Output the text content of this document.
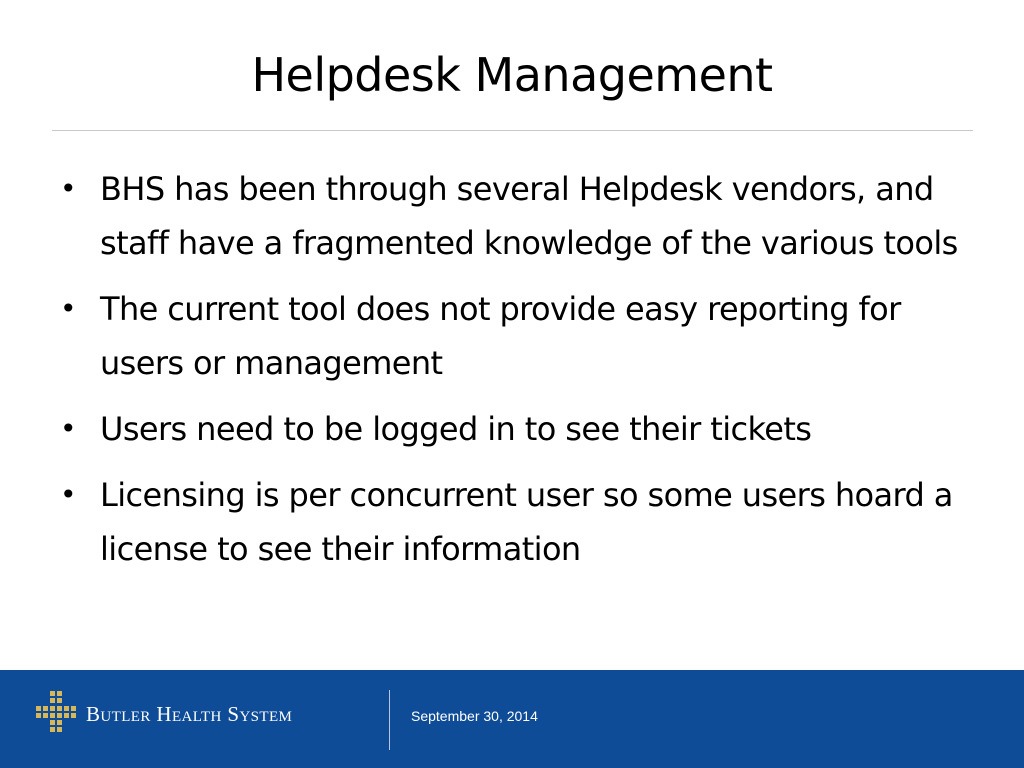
Helpdesk Management
• BHS has been through several Helpdesk vendors, and staff have a fragmented knowledge of the various tools
• The current tool does not provide easy reporting for users or management
• Users need to be logged in to see their tickets
• Licensing is per concurrent user so some users hoard a license to see their information
Butler Health System	September 30, 2014
